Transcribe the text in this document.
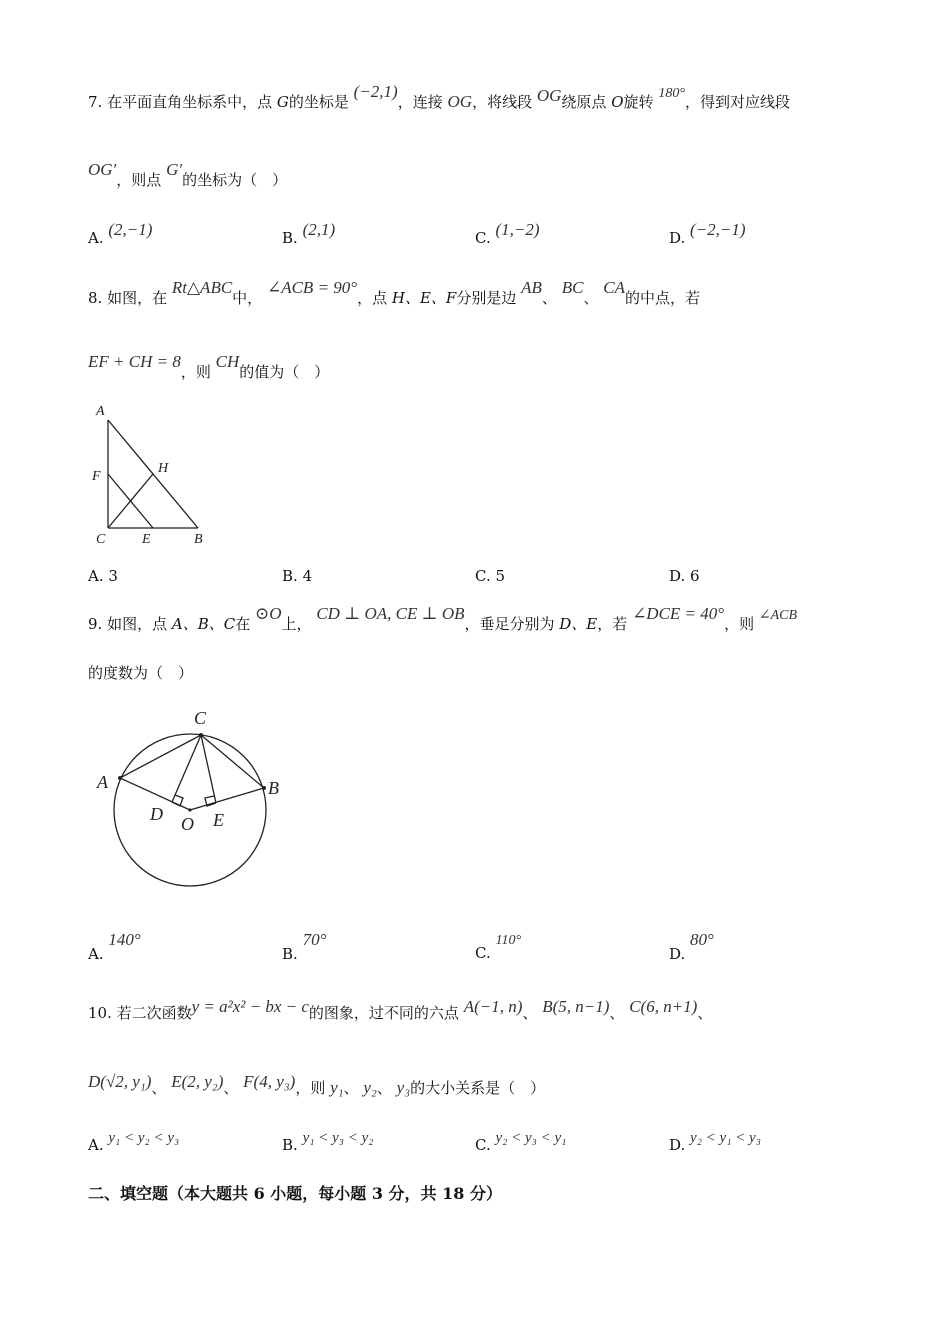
7. 在平面直角坐标系中，点 G的坐标是 (−2,1)，连接 OG，将线段 OG绕原点 O旋转 180°，得到对应线段
OG′，则点 G′的坐标为（　）
A. (2,−1)	B. (2,1)	C. (1,−2)	D. (−2,−1)
8. 如图，在 Rt△ABC中， ∠ACB = 90°，点 H、E、F分别是边 AB、 BC、 CA的中点，若
EF + CH = 8，则 CH的值为（　）
A
F
H
C	E	B
A. 3	B. 4	C. 5	D. 6
9. 如图，点 A、B、C在 ⊙O上， CD ⊥ OA, CE ⊥ OB，垂足分别为 D、E，若 ∠DCE = 40°，则 ∠ACB
的度数为（　）
C
A	B
D O E
A. 140°
B. 70°
C. 110°
D. 80°
10. 若二次函数y = a²x² − bx − c的图象，过不同的六点 A(−1, n)、 B(5, n−1)、 C(6, n+1)、
D(√2, y₁)、 E(2, y₂)、 F(4, y₃)，则 y₁、 y₂、 y₃的大小关系是（　）
A. y₁ < y₂ < y₃	B. y₁ < y₃ < y₂	C. y₂ < y₃ < y₁	D. y₂ < y₁ < y₃
二、填空题（本大题共 6 小题，每小题 3 分，共 18 分）
